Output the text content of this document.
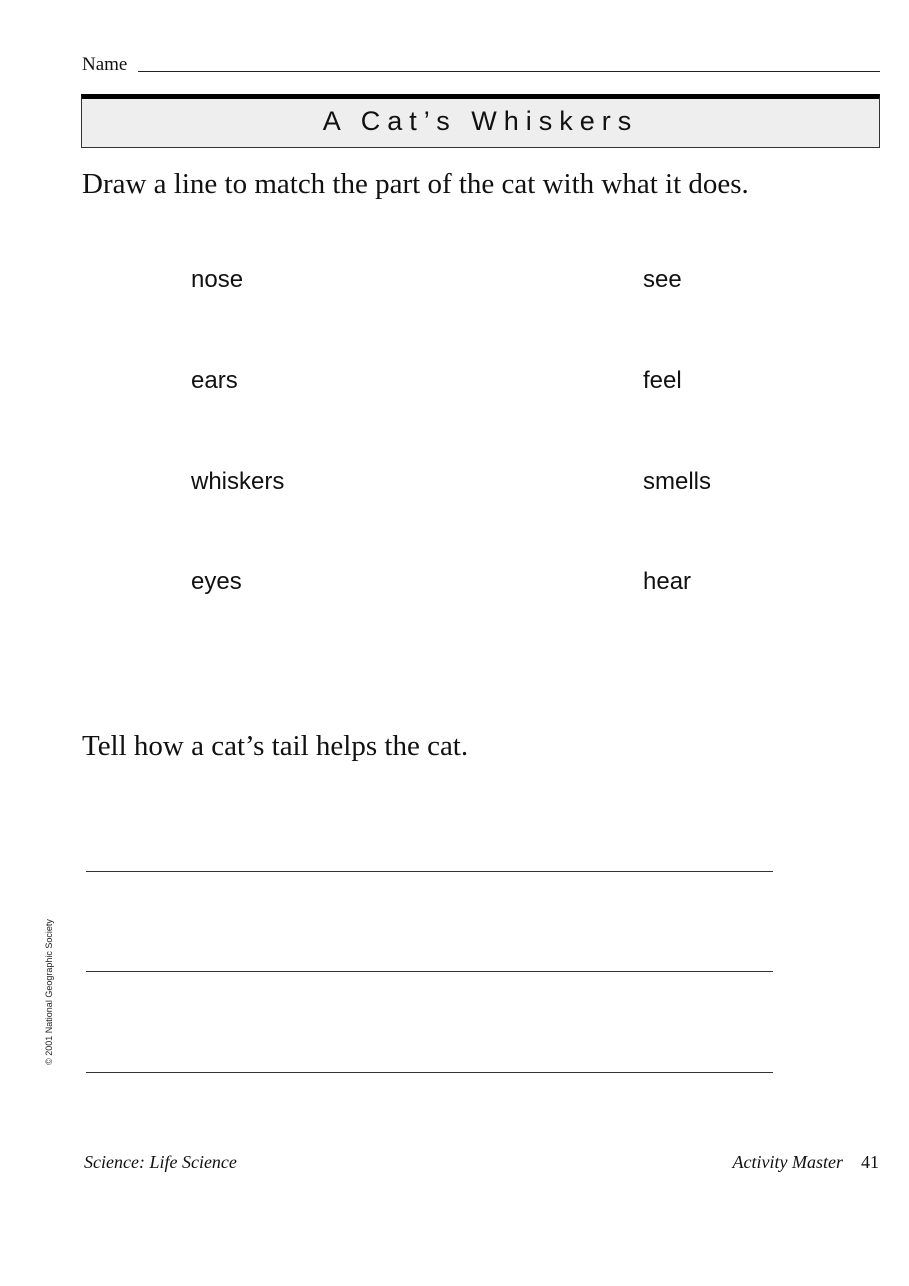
Name
A Cat’s Whiskers
Draw a line to match the part of the cat with what it does.
nose
ears
whiskers
eyes
see
feel
smells
hear
Tell how a cat’s tail helps the cat.
© 2001 National Geographic Society
Science: Life Science	Activity Master 41
